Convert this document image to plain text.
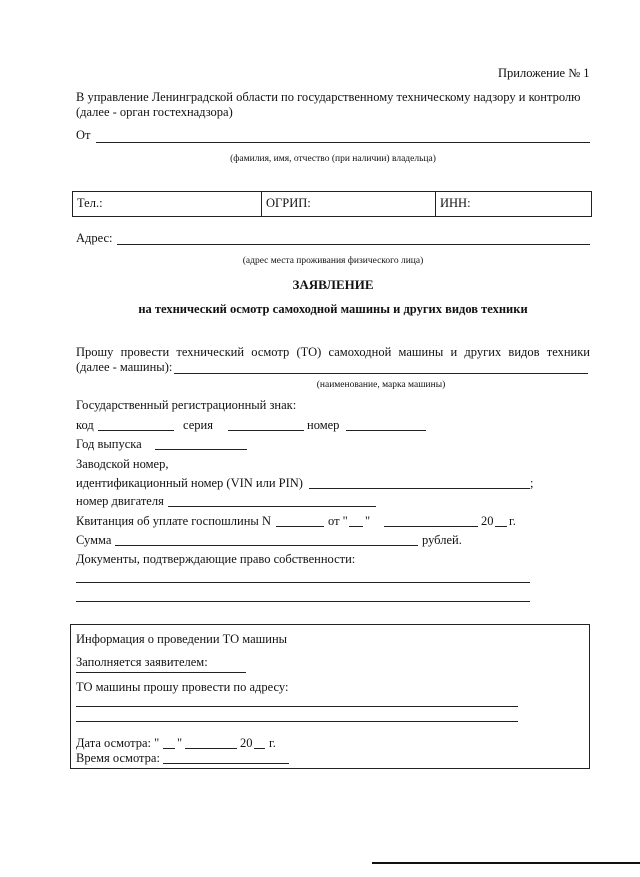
Приложение № 1
В управление Ленинградской области по государственному техническому надзору и контролю
(далее - орган гостехнадзора)
От
(фамилия, имя, отчество (при наличии) владельца)
Тел.:	ОГРИП:	ИНН:
Адрес:
(адрес места проживания физического лица)
ЗАЯВЛЕНИЕ
на технический осмотр самоходной машины и других видов техники
Прошу провести технический осмотр (ТО) самоходной машины и других видов техники
(далее - машины):
(наименование, марка машины)
Государственный регистрационный знак:
код	серия	номер
Год выпуска
Заводской номер,
идентификационный номер (VIN или PIN)	;
номер двигателя
Квитанция об уплате госпошлины N	от " "	20 г.
Сумма	рублей.
Документы, подтверждающие право собственности:
Информация о проведении ТО машины
Заполняется заявителем:
ТО машины прошу провести по адресу:
Дата осмотра: " "	20 г.
Время осмотра:
